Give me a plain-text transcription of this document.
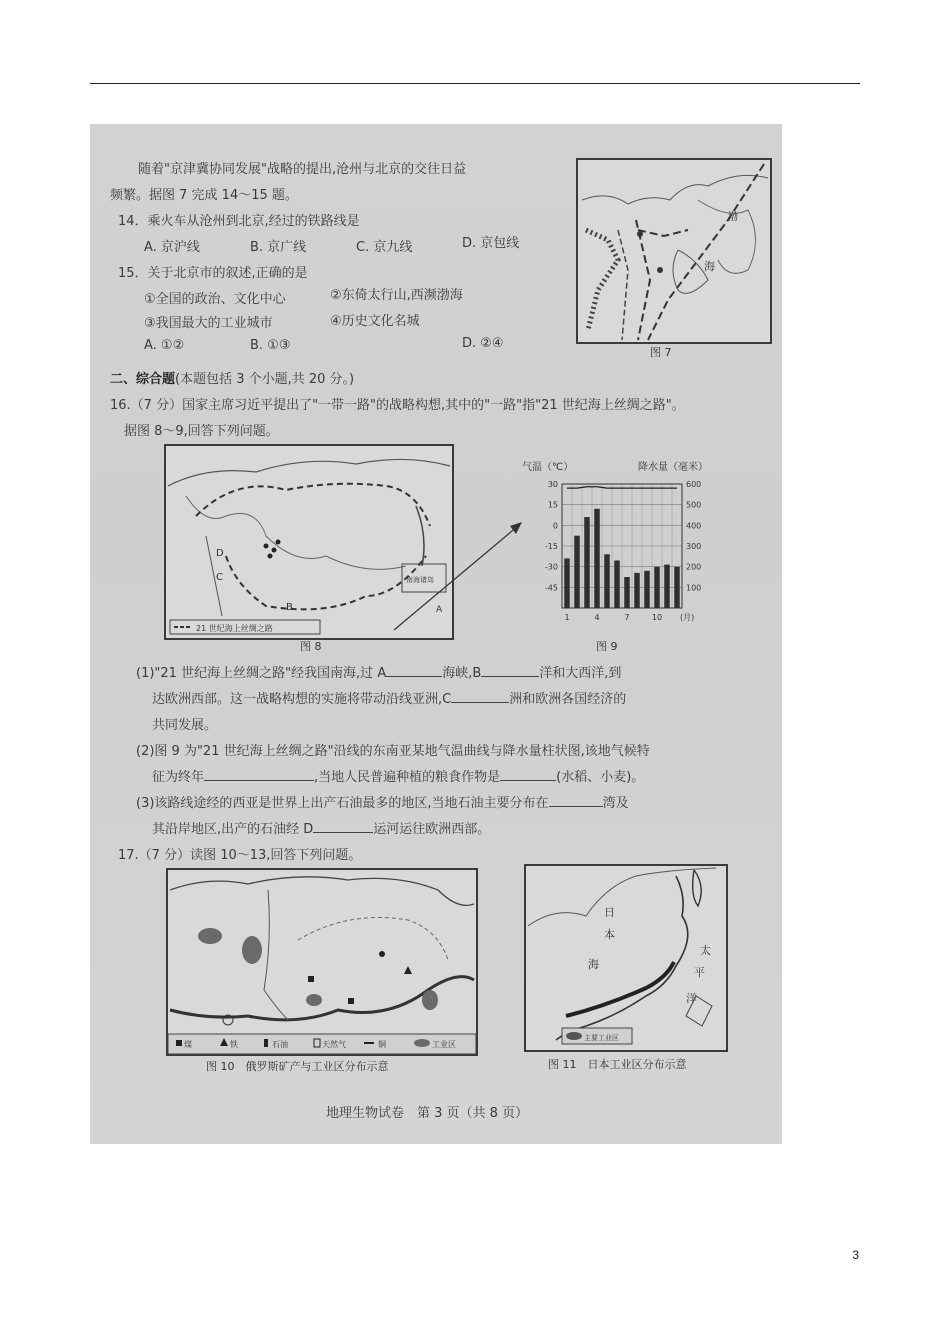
随着"京津冀协同发展"战略的提出,沧州与北京的交往日益
频繁。据图 7 完成 14～15 题。
14．乘火车从沧州到北京,经过的铁路线是
A. 京沪线	B. 京广线	C. 京九线	D. 京包线
15．关于北京市的叙述,正确的是
①全国的政治、文化中心	②东倚太行山,西濒渤海
③我国最大的工业城市	④历史文化名城
A. ①②	B. ①③	D. ②④
渤
海
图 7
二、综合题(本题包括 3 个小题,共 20 分。)
16.（7 分）国家主席习近平提出了"一带一路"的战略构想,其中的"一路"指"21 世纪海上丝绸之路"。
据图 8～9,回答下列问题。
南海诸岛
D
C
B	A
21 世纪海上丝绸之路
图 8
气温（℃）	降水量（毫米）
30
15
0
-15
-30
-45
600
500
400
300
200
100
1	4	7	10 (月)
图 9
(1)"21 世纪海上丝绸之路"经我国南海,过 A	海峡,B	洋和大西洋,到
达欧洲西部。这一战略构想的实施将带动沿线亚洲,C	洲和欧洲各国经济的
共同发展。
(2)图 9 为"21 世纪海上丝绸之路"沿线的东南亚某地气温曲线与降水量柱状图,该地气候特
征为终年	,当地人民普遍种植的粮食作物是	(水稻、小麦)。
(3)该路线途经的西亚是世界上出产石油最多的地区,当地石油主要分布在	湾及
其沿岸地区,出产的石油经 D	运河运往欧洲西部。
17.（7 分）读图 10～13,回答下列问题。
煤	铁	石油	天然气	铜	工业区
图 10　俄罗斯矿产与工业区分布示意
日
本
海
太
平
洋
主要工业区
图 11　日本工业区分布示意
地理生物试卷　第 3 页（共 8 页）
3
